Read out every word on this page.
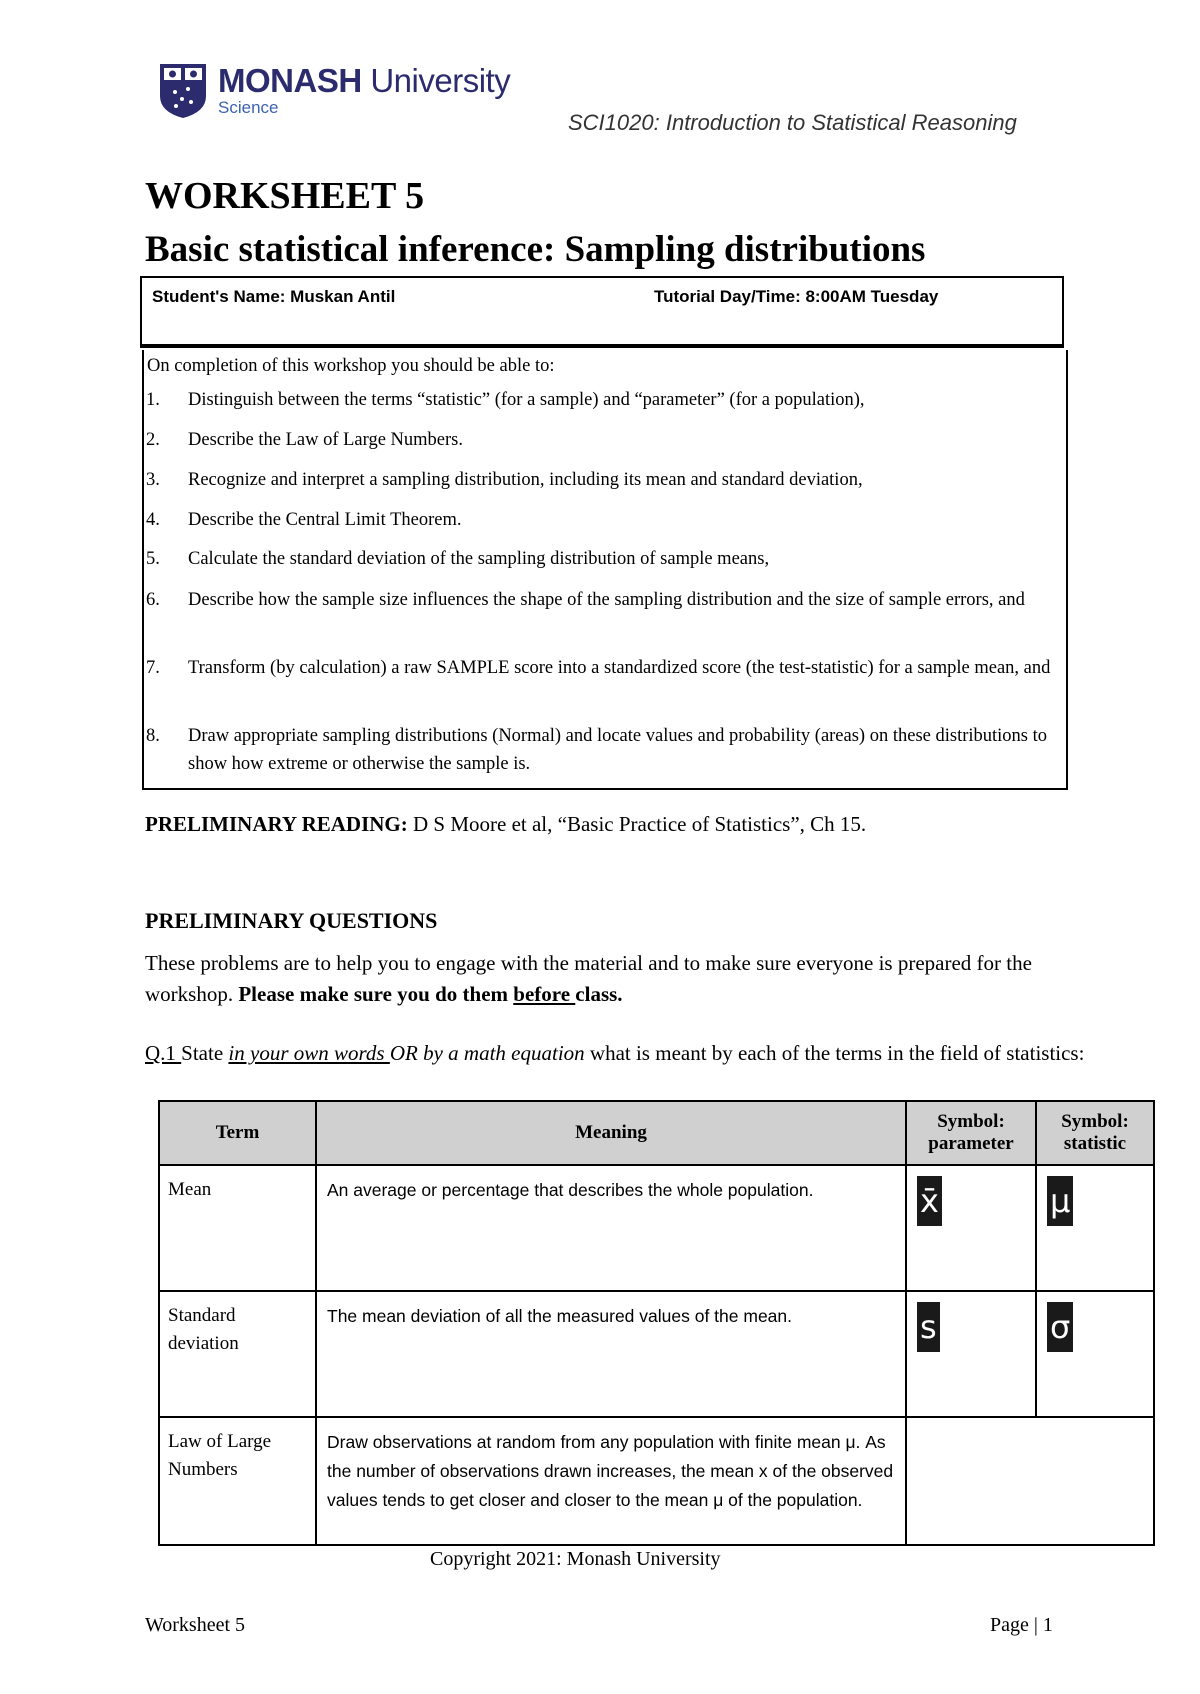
MONASH University
Science
SCI1020: Introduction to Statistical Reasoning
WORKSHEET 5
Basic statistical inference: Sampling distributions
Student's Name: Muskan Antil	Tutorial Day/Time: 8:00AM Tuesday
On completion of this workshop you should be able to:
1. Distinguish between the terms “statistic” (for a sample) and “parameter” (for a population),
2. Describe the Law of Large Numbers.
3. Recognize and interpret a sampling distribution, including its mean and standard deviation,
4. Describe the Central Limit Theorem.
5. Calculate the standard deviation of the sampling distribution of sample means,
6. Describe how the sample size influences the shape of the sampling distribution and the size of sample errors, and
7. Transform (by calculation) a raw SAMPLE score into a standardized score (the test-statistic) for a sample mean, and
8. Draw appropriate sampling distributions (Normal) and locate values and probability (areas) on these distributions to show how extreme or otherwise the sample is.
PRELIMINARY READING: D S Moore et al, “Basic Practice of Statistics”, Ch 15.
PRELIMINARY QUESTIONS
These problems are to help you to engage with the material and to make sure everyone is prepared for the workshop. Please make sure you do them before class.
Q.1 State in your own words OR by a math equation what is meant by each of the terms in the field of statistics:
Term	Meaning	Symbol: parameter	Symbol: statistic
Mean	An average or percentage that describes the whole population.	x̄	μ
Standard deviation	The mean deviation of all the measured values of the mean.	s	σ
Law of Large Numbers	Draw observations at random from any population with finite mean μ. As the number of observations drawn increases, the mean x of the observed values tends to get closer and closer to the mean μ of the population.		
Copyright 2021: Monash University
Worksheet 5	Page | 1
